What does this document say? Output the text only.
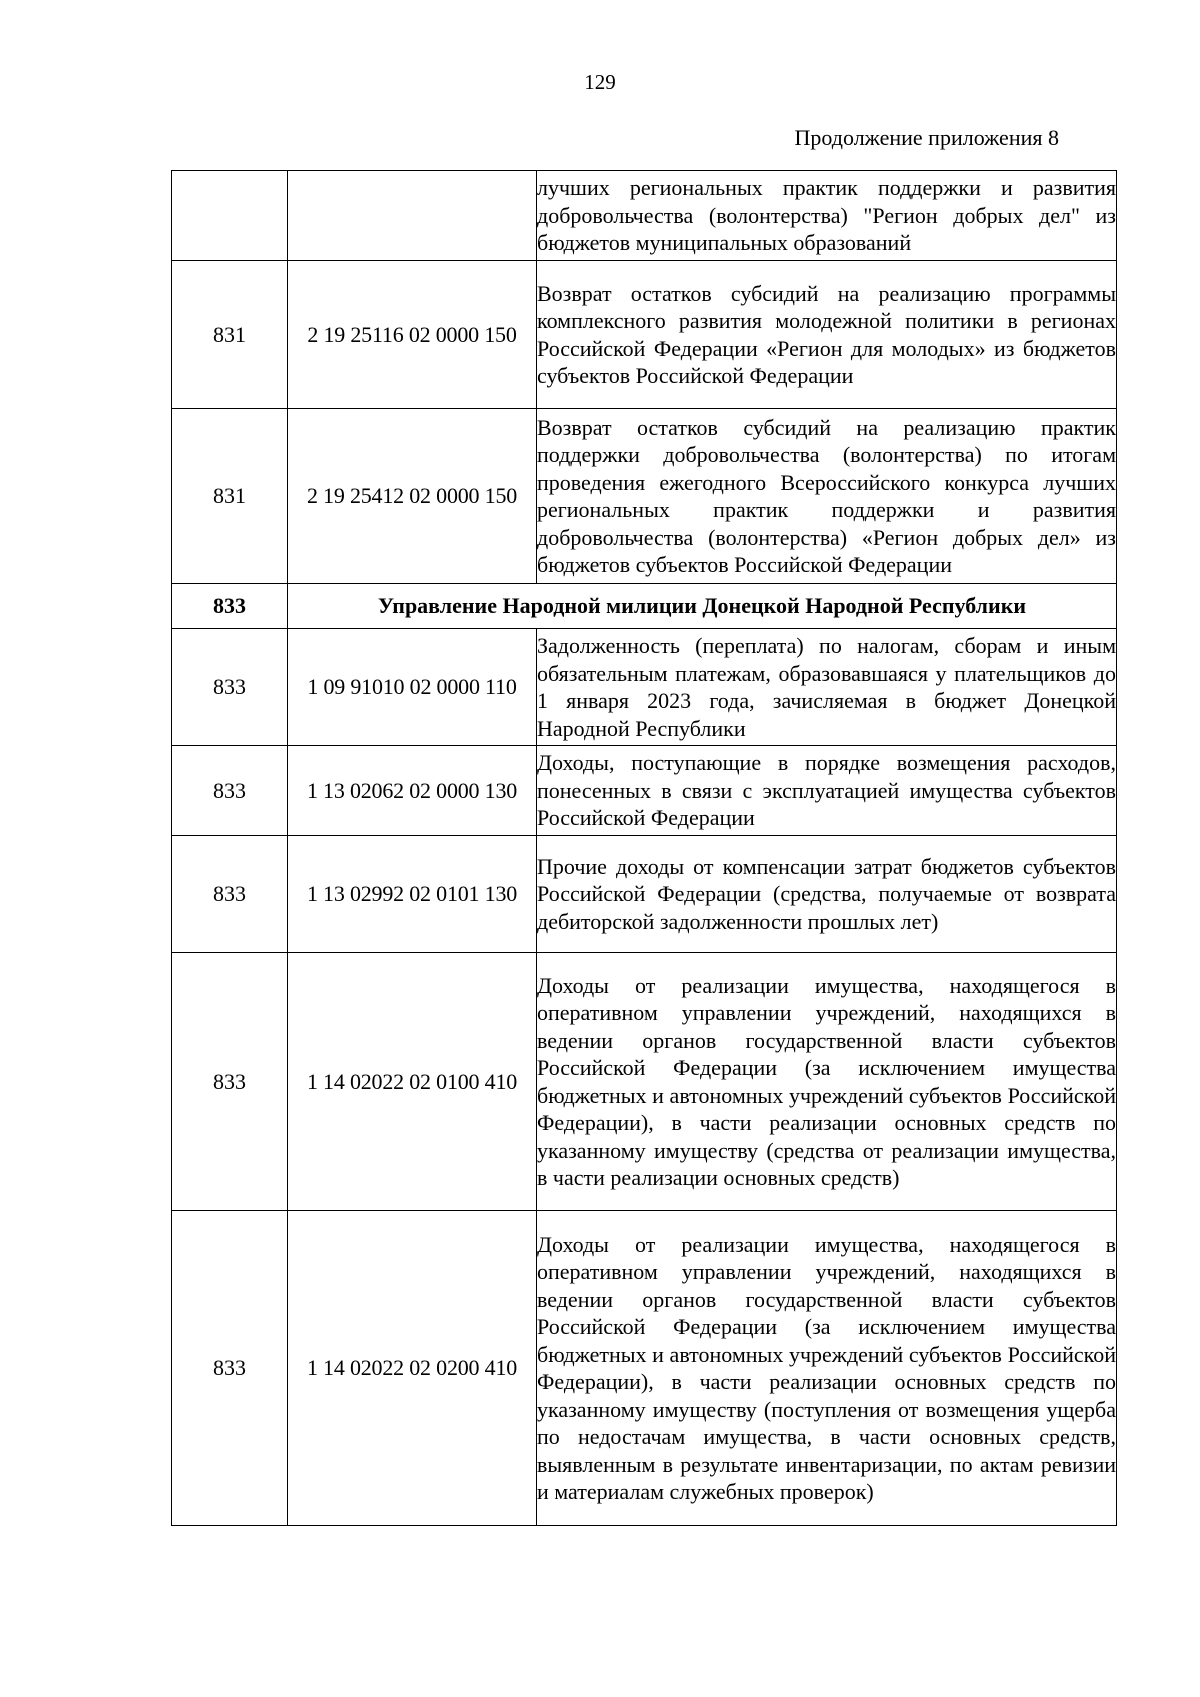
129
Продолжение приложения 8
		лучших региональных практик поддержки и развития добровольчества (волонтерства) "Регион добрых дел" из бюджетов муниципальных образований
831	2 19 25116 02 0000 150	Возврат остатков субсидий на реализацию программы комплексного развития молодежной политики в регионах Российской Федерации «Регион для молодых» из бюджетов субъектов Российской Федерации
831	2 19 25412 02 0000 150	Возврат остатков субсидий на реализацию практик поддержки добровольчества (волонтерства) по итогам проведения ежегодного Всероссийского конкурса лучших региональных практик поддержки и развития добровольчества (волонтерства) «Регион добрых дел» из бюджетов субъектов Российской Федерации
833	Управление Народной милиции Донецкой Народной Республики	
833	1 09 91010 02 0000 110	Задолженность (переплата) по налогам, сборам и иным обязательным платежам, образовавшаяся у плательщиков до 1 января 2023 года, зачисляемая в бюджет Донецкой Народной Республики
833	1 13 02062 02 0000 130	Доходы, поступающие в порядке возмещения расходов, понесенных в связи с эксплуатацией имущества субъектов Российской Федерации
833	1 13 02992 02 0101 130	Прочие доходы от компенсации затрат бюджетов субъектов Российской Федерации (средства, получаемые от возврата дебиторской задолженности прошлых лет)
833	1 14 02022 02 0100 410	Доходы от реализации имущества, находящегося в оперативном управлении учреждений, находящихся в ведении органов государственной власти субъектов Российской Федерации (за исключением имущества бюджетных и автономных учреждений субъектов Российской Федерации), в части реализации основных средств по указанному имуществу (средства от реализации имущества, в части реализации основных средств)
833	1 14 02022 02 0200 410	Доходы от реализации имущества, находящегося в оперативном управлении учреждений, находящихся в ведении органов государственной власти субъектов Российской Федерации (за исключением имущества бюджетных и автономных учреждений субъектов Российской Федерации), в части реализации основных средств по указанному имуществу (поступления от возмещения ущерба по недостачам имущества, в части основных средств, выявленным в результате инвентаризации, по актам ревизии и материалам служебных проверок)
